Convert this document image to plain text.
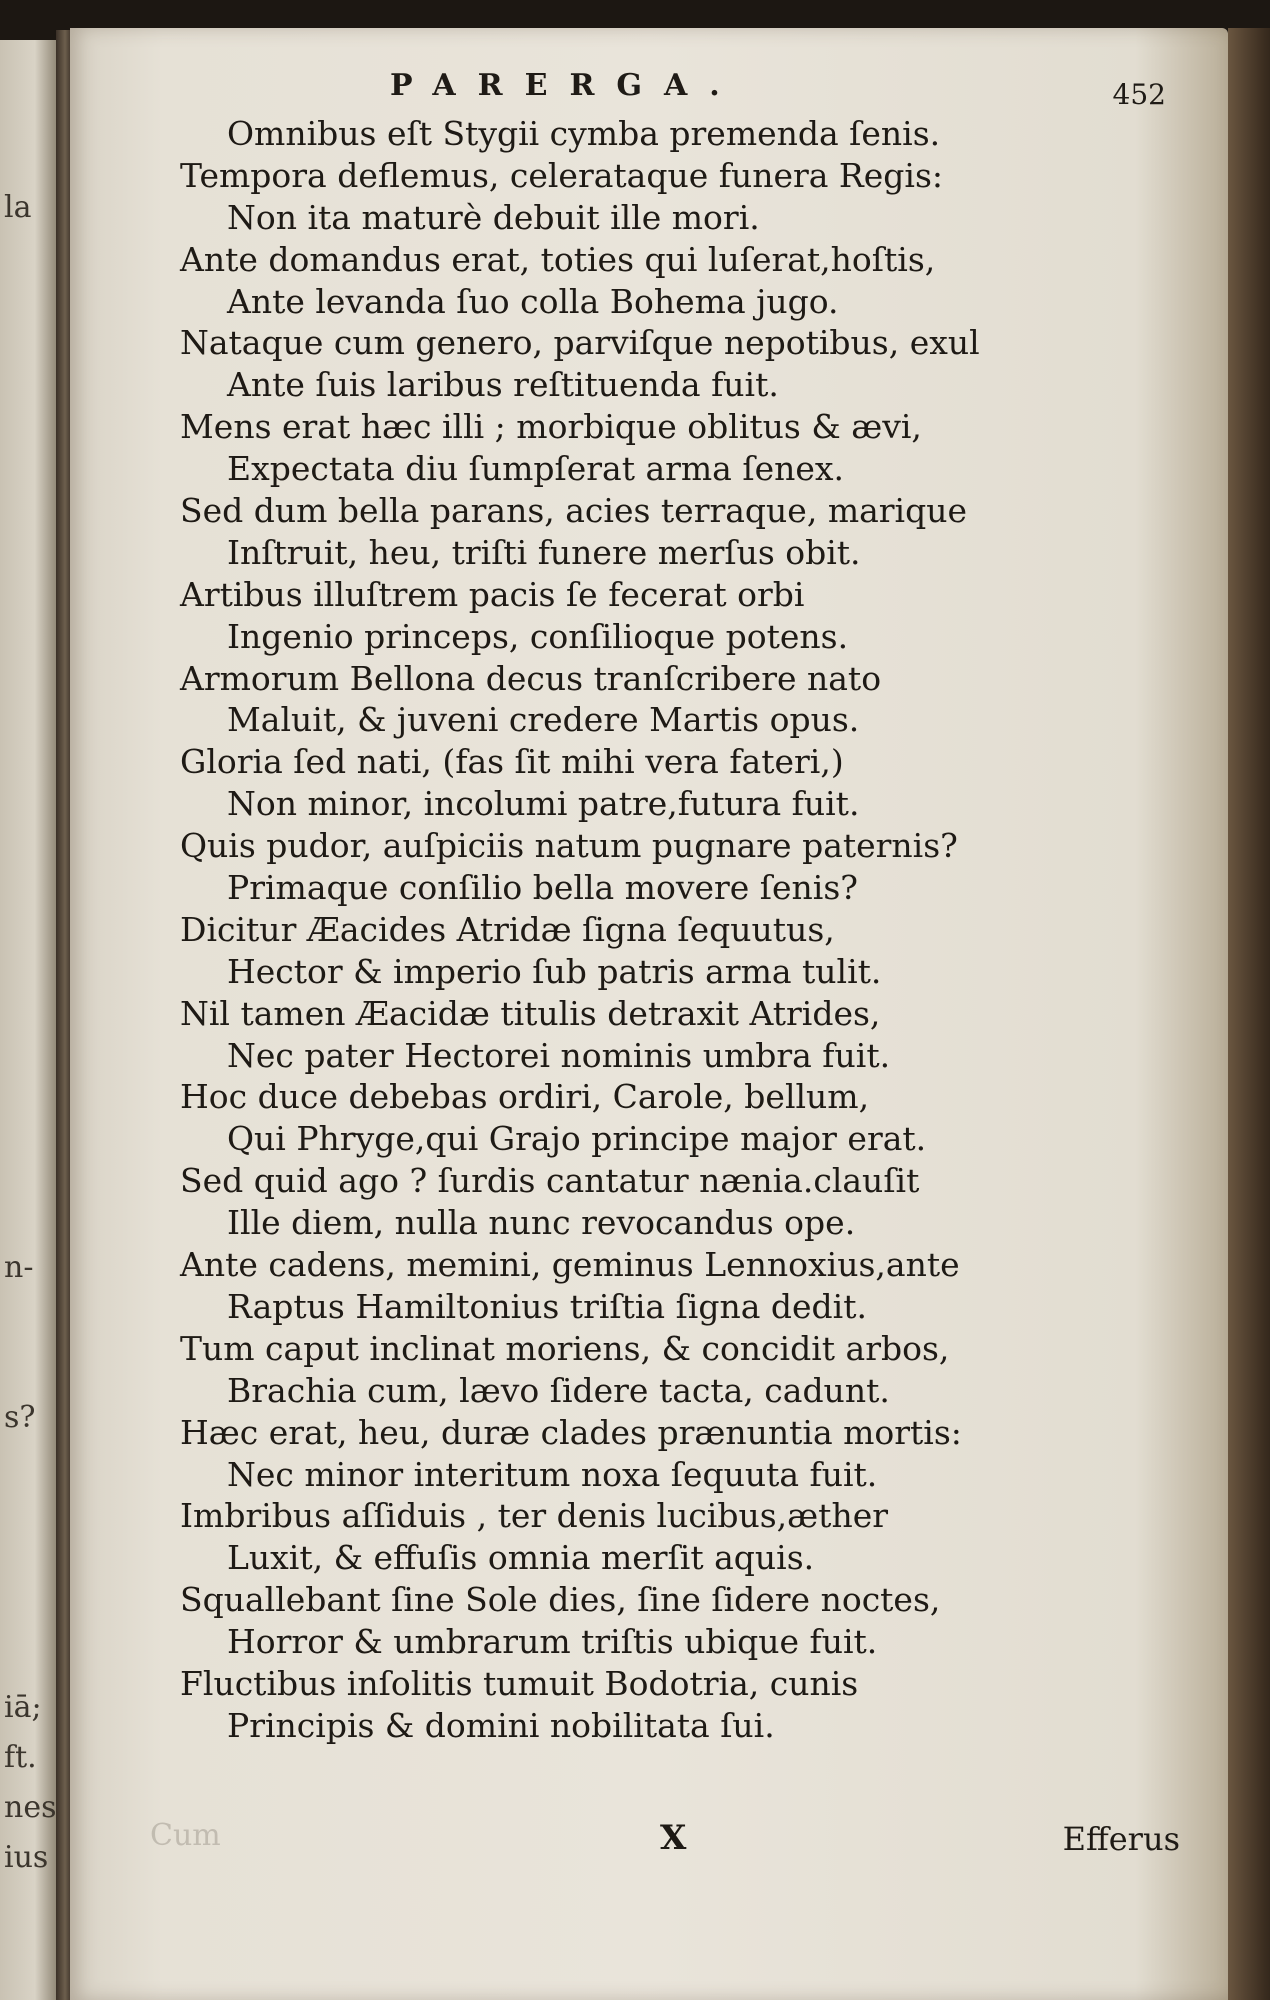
la
n-
s?
iā;
ft.
nes
ius
PARERGA.	452
Omnibus eſt Stygii cymba premenda ſenis.
Tempora deflemus, celerataque funera Regis:
Non ita maturè debuit ille mori.
Ante domandus erat, toties qui luſerat,hoſtis,
Ante levanda ſuo colla Bohema jugo.
Nataque cum genero, parviſque nepotibus, exul
Ante ſuis laribus reſtituenda fuit.
Mens erat hæc illi ; morbique oblitus & ævi,
Expectata diu ſumpſerat arma ſenex.
Sed dum bella parans, acies terraque, marique
Inſtruit, heu, triſti funere merſus obit.
Artibus illuſtrem pacis ſe fecerat orbi
Ingenio princeps, conſilioque potens.
Armorum Bellona decus tranſcribere nato
Maluit, & juveni credere Martis opus.
Gloria ſed nati, (fas ſit mihi vera fateri,)
Non minor, incolumi patre,futura fuit.
Quis pudor, auſpiciis natum pugnare paternis?
Primaque conſilio bella movere ſenis?
Dicitur Æacides Atridæ ſigna ſequutus,
Hector & imperio ſub patris arma tulit.
Nil tamen Æacidæ titulis detraxit Atrides,
Nec pater Hectorei nominis umbra fuit.
Hoc duce debebas ordiri, Carole, bellum,
Qui Phryge,qui Grajo principe major erat.
Sed quid ago ? ſurdis cantatur nænia.clauſit
Ille diem, nulla nunc revocandus ope.
Ante cadens, memini, geminus Lennoxius,ante
Raptus Hamiltonius triſtia ſigna dedit.
Tum caput inclinat moriens, & concidit arbos,
Brachia cum, lævo ſidere tacta, cadunt.
Hæc erat, heu, duræ clades prænuntia mortis:
Nec minor interitum noxa ſequuta fuit.
Imbribus aſſiduis , ter denis lucibus,æther
Luxit, & effuſis omnia merſit aquis.
Squallebant ſine Sole dies, ſine ſidere noctes,
Horror & umbrarum triſtis ubique fuit.
Fluctibus inſolitis tumuit Bodotria, cunis
Principis & domini nobilitata ſui.
Cum	X	Efferus
